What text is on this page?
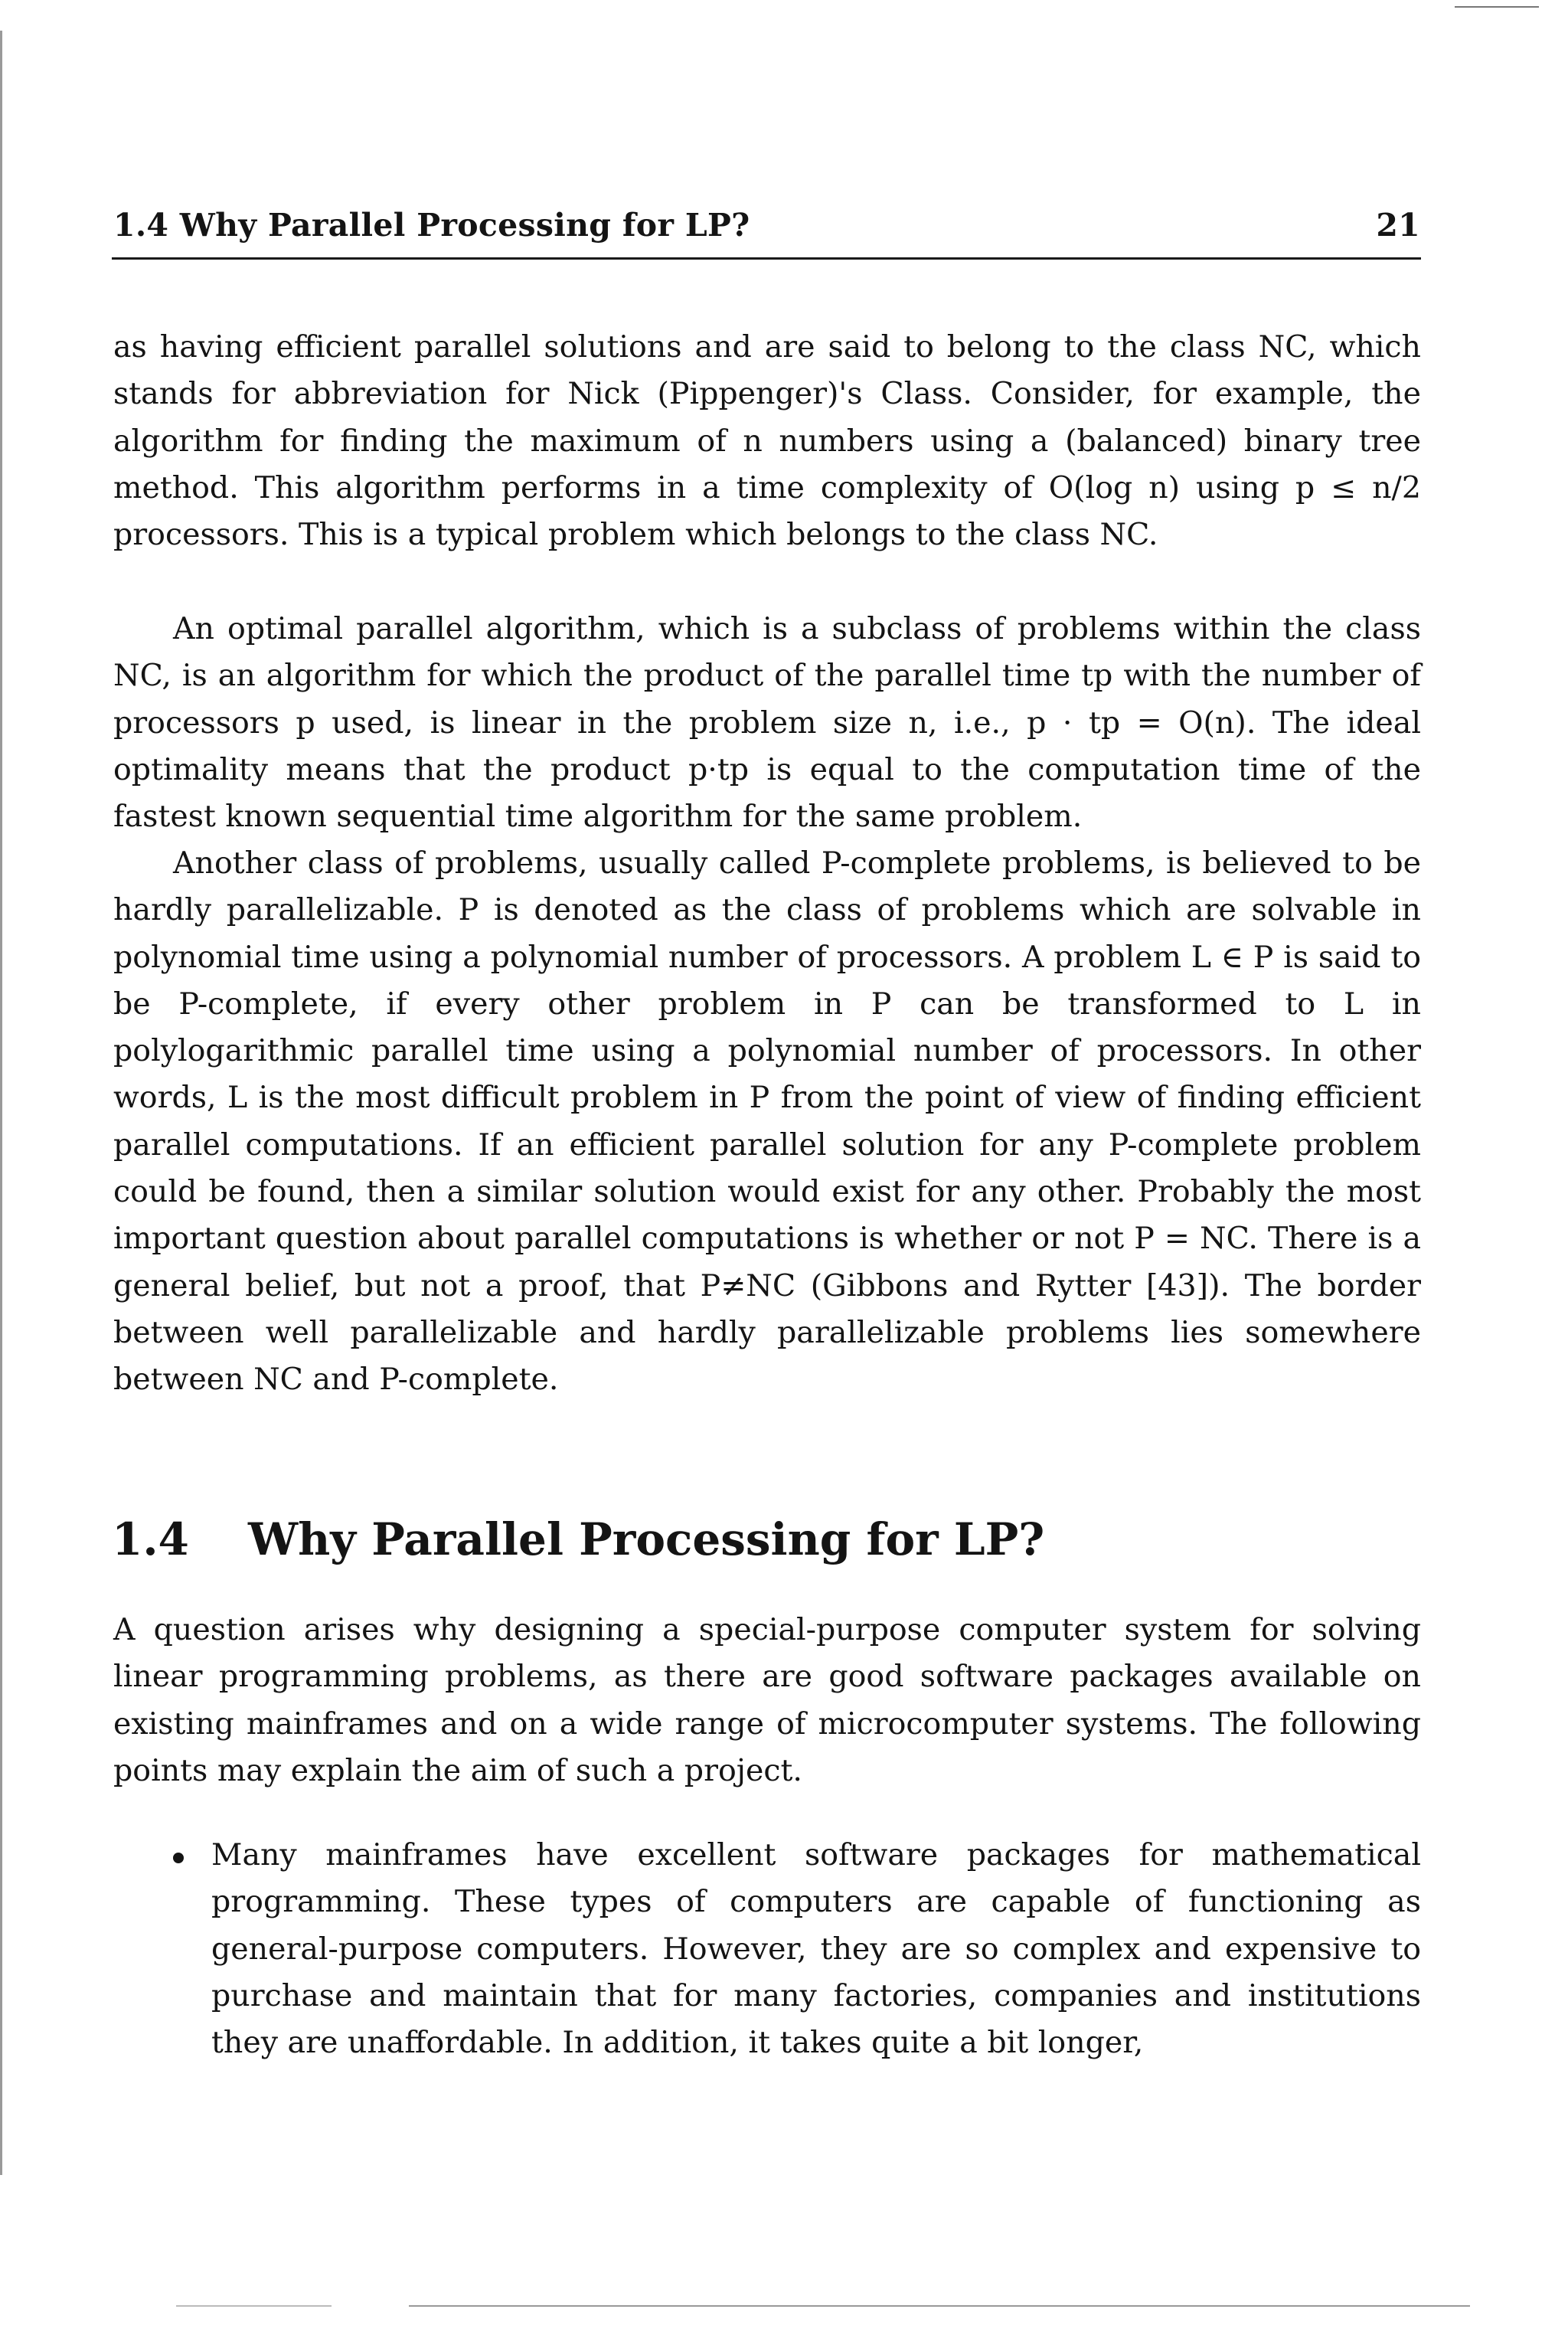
1.4 Why Parallel Processing for LP?	21

as having efficient parallel solutions and are said to belong to the class NC, which stands for abbreviation for Nick (Pippenger)'s Class. Consider, for example, the algorithm for finding the maximum of n numbers using a (balanced) binary tree method. This algorithm performs in a time complexity of O(log n) using p ≤ n/2 processors. This is a typical problem which belongs to the class NC.

An optimal parallel algorithm, which is a subclass of problems within the class NC, is an algorithm for which the product of the parallel time tp with the number of processors p used, is linear in the problem size n, i.e., p · tp = O(n). The ideal optimality means that the product p·tp is equal to the computation time of the fastest known sequential time algorithm for the same problem.

Another class of problems, usually called P-complete problems, is believed to be hardly parallelizable. P is denoted as the class of problems which are solvable in polynomial time using a polynomial number of processors. A problem L ∈ P is said to be P-complete, if every other problem in P can be transformed to L in polylogarithmic parallel time using a polynomial number of processors. In other words, L is the most difficult problem in P from the point of view of finding efficient parallel computations. If an efficient parallel solution for any P-complete problem could be found, then a similar solution would exist for any other. Probably the most important question about parallel computations is whether or not P = NC. There is a general belief, but not a proof, that P≠NC (Gibbons and Rytter [43]). The border between well parallelizable and hardly parallelizable problems lies somewhere between NC and P-complete.

1.4 Why Parallel Processing for LP?

A question arises why designing a special-purpose computer system for solving linear programming problems, as there are good software packages available on existing mainframes and on a wide range of microcomputer systems. The following points may explain the aim of such a project.

Many mainframes have excellent software packages for mathematical programming. These types of computers are capable of functioning as general-purpose computers. However, they are so complex and expensive to purchase and maintain that for many factories, companies and institutions they are unaffordable. In addition, it takes quite a bit longer,
